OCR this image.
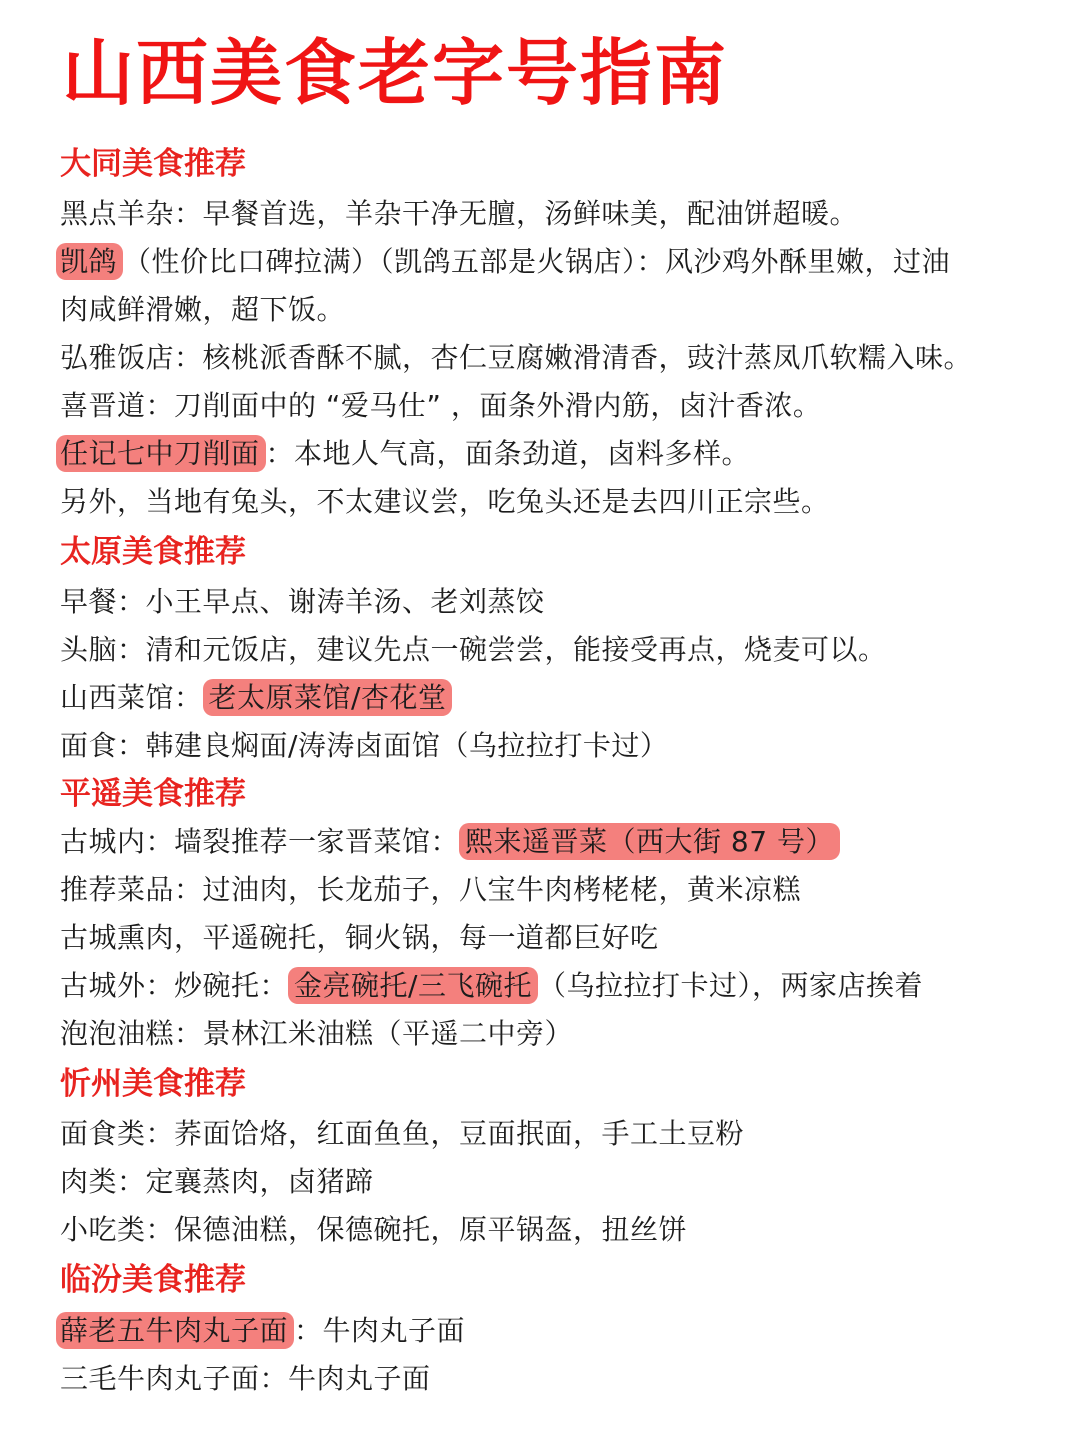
山西美食老字号指南
大同美食推荐
黑点羊杂：早餐首选，羊杂干净无膻，汤鲜味美，配油饼超暖。
凯鸽 （性价比口碑拉满）（凯鸽五部是火锅店）：风沙鸡外酥里嫩，过油
肉咸鲜滑嫩，超下饭。
弘雅饭店：核桃派香酥不腻，杏仁豆腐嫩滑清香，豉汁蒸凤爪软糯入味。
喜晋道：刀削面中的 “爱马仕” ，面条外滑内筋，卤汁香浓。
任记七中刀削面 ：本地人气高，面条劲道，卤料多样。
另外，当地有兔头，不太建议尝，吃兔头还是去四川正宗些。
太原美食推荐
早餐：小王早点、谢涛羊汤、老刘蒸饺
头脑：清和元饭店，建议先点一碗尝尝，能接受再点，烧麦可以。
山西菜馆： 老太原菜馆/杏花堂
面食：韩建良焖面/涛涛卤面馆（乌拉拉打卡过）
平遥美食推荐
古城内：墙裂推荐一家晋菜馆： 熙来遥晋菜（西大街 87 号）
推荐菜品：过油肉，长龙茄子，八宝牛肉栲栳栳，黄米凉糕
古城熏肉，平遥碗托，铜火锅，每一道都巨好吃
古城外：炒碗托： 金亮碗托/三飞碗托 （乌拉拉打卡过），两家店挨着
泡泡油糕：景林江米油糕（平遥二中旁）
忻州美食推荐
面食类：荞面饸烙，红面鱼鱼，豆面抿面，手工土豆粉
肉类：定襄蒸肉，卤猪蹄
小吃类：保德油糕，保德碗托，原平锅盔，扭丝饼
临汾美食推荐
薛老五牛肉丸子面 ：牛肉丸子面
三毛牛肉丸子面：牛肉丸子面
